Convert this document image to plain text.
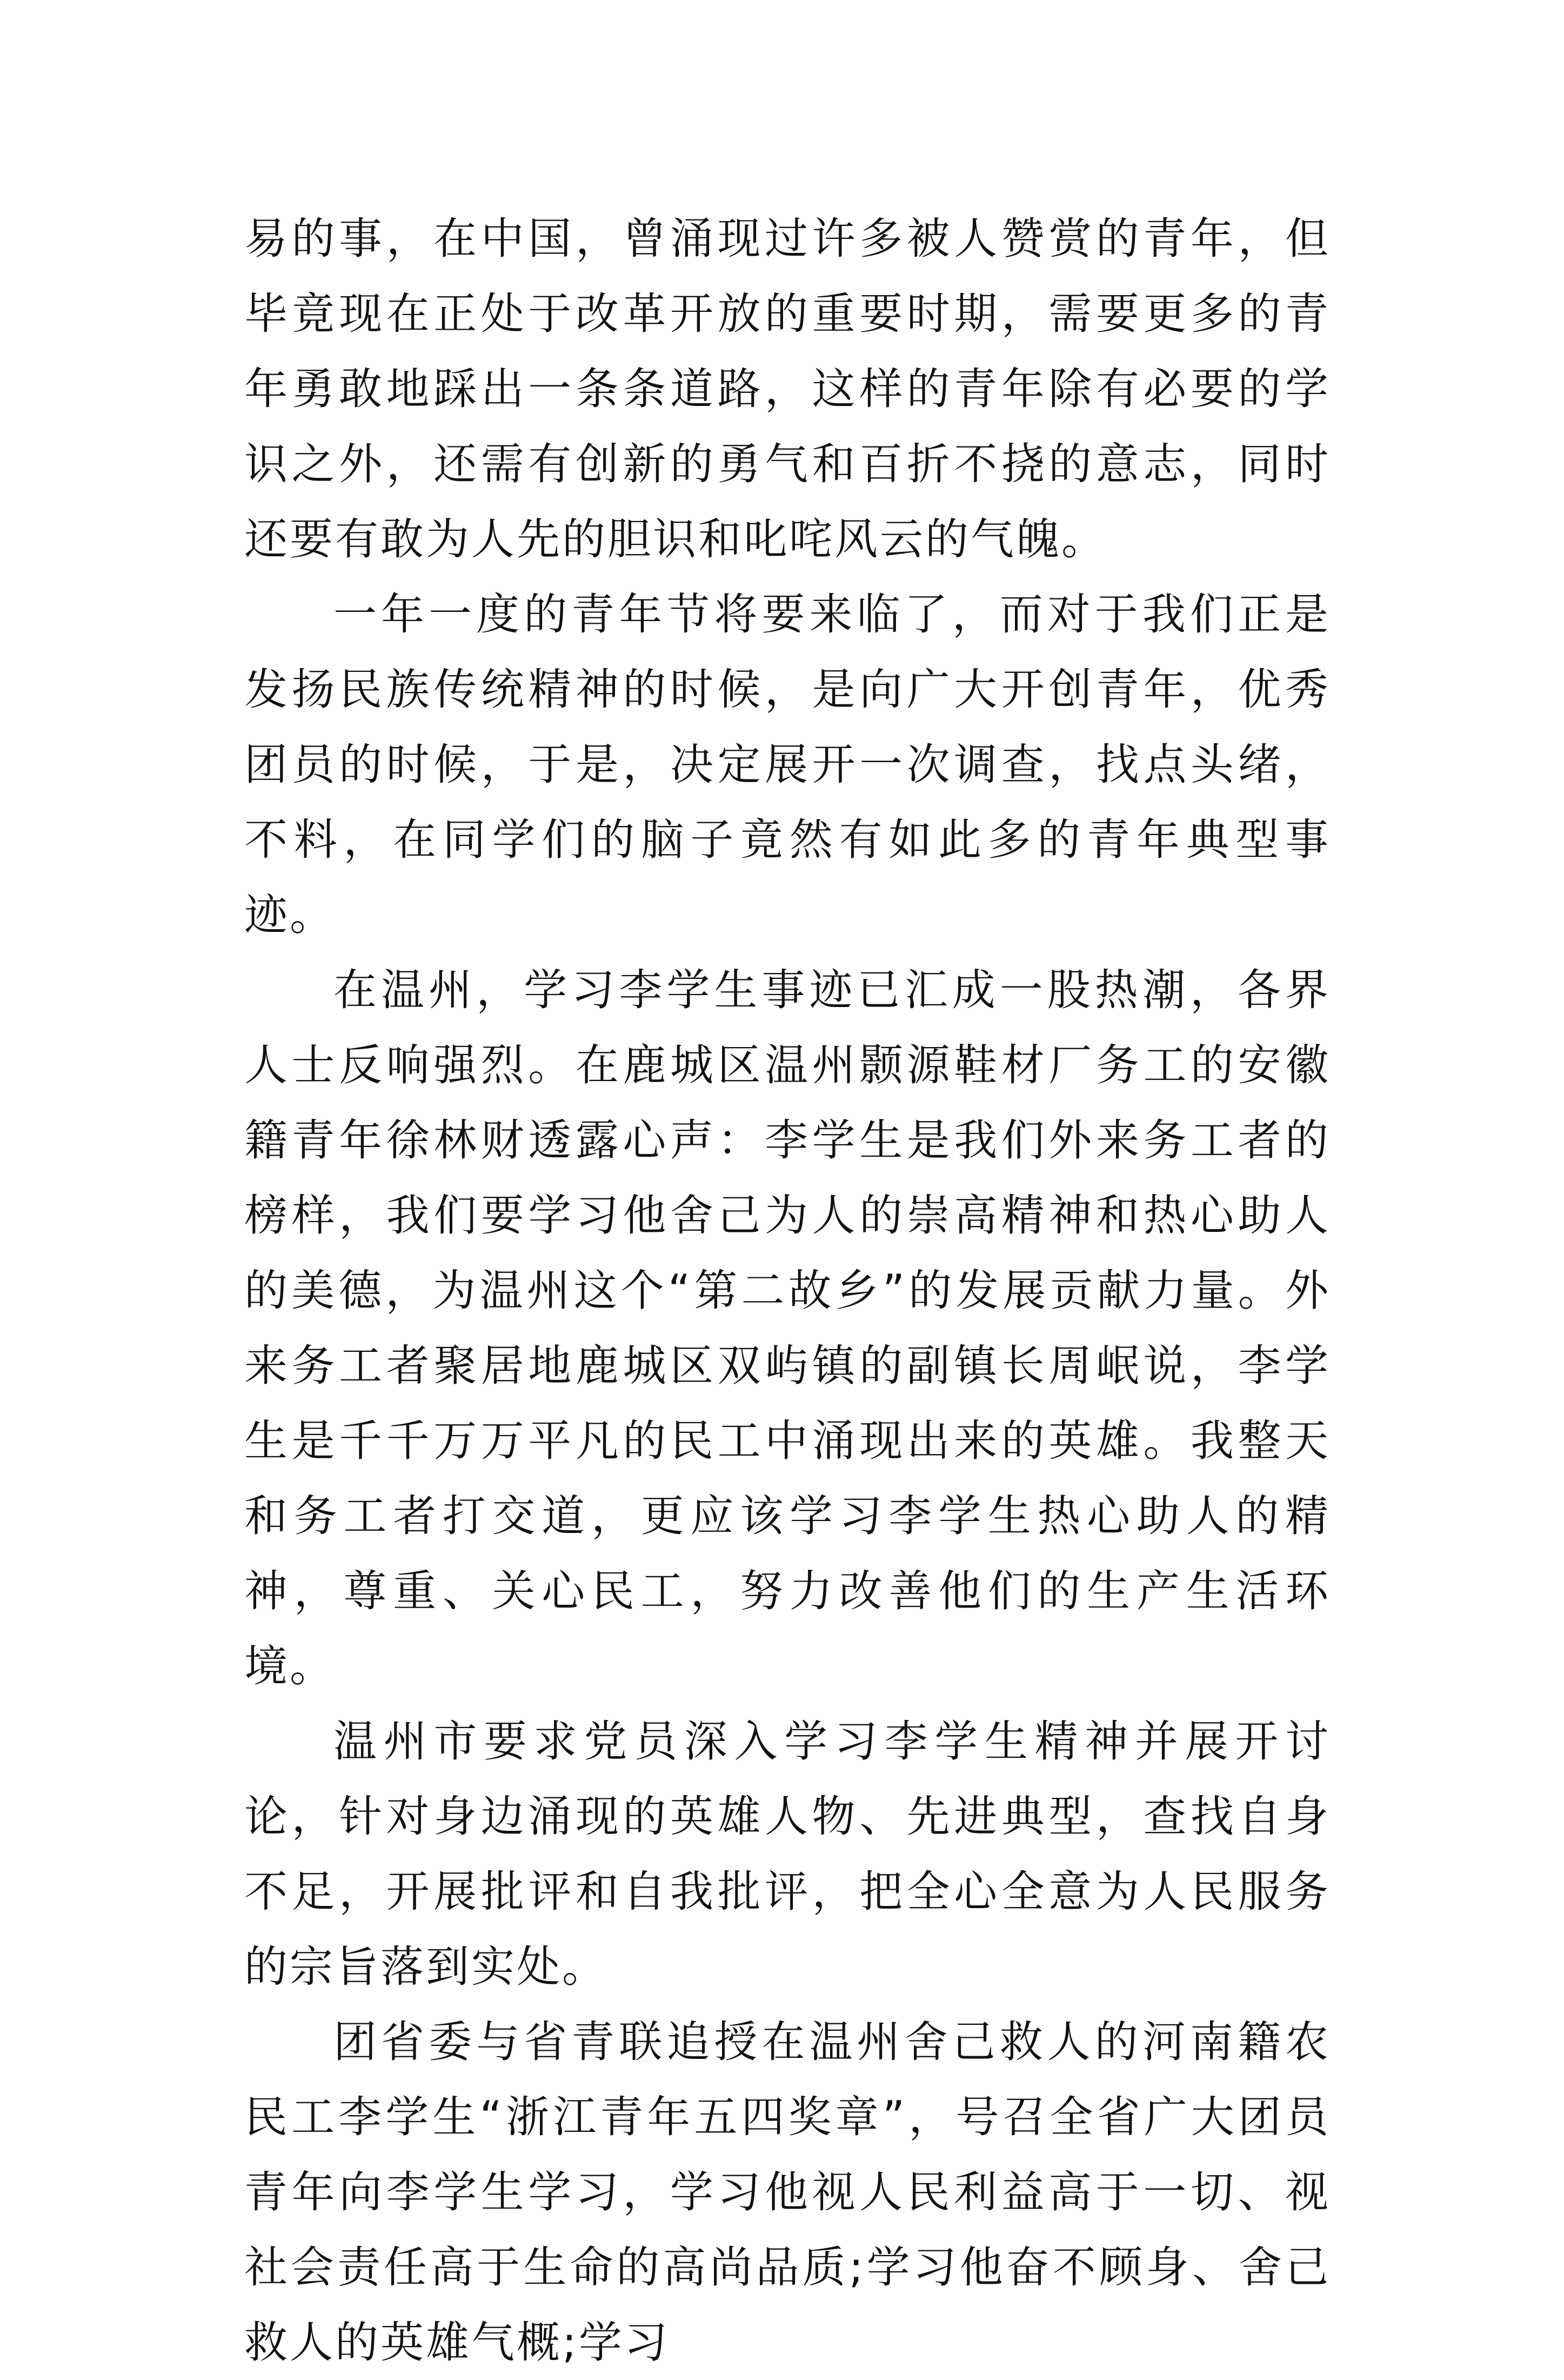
易的事，在中国，曾涌现过许多被人赞赏的青年，但毕竟现在正处于改革开放的重要时期，需要更多的青年勇敢地踩出一条条道路，这样的青年除有必要的学识之外，还需有创新的勇气和百折不挠的意志，同时还要有敢为人先的胆识和叱咤风云的气魄。

一年一度的青年节将要来临了，而对于我们正是发扬民族传统精神的时候，是向广大开创青年，优秀团员的时候，于是，决定展开一次调查，找点头绪，不料，在同学们的脑子竟然有如此多的青年典型事迹。

在温州，学习李学生事迹已汇成一股热潮，各界人士反响强烈。在鹿城区温州颢源鞋材厂务工的安徽籍青年徐林财透露心声：李学生是我们外来务工者的榜样，我们要学习他舍己为人的崇高精神和热心助人的美德，为温州这个“第二故乡”的发展贡献力量。外来务工者聚居地鹿城区双屿镇的副镇长周岷说，李学生是千千万万平凡的民工中涌现出来的英雄。我整天和务工者打交道，更应该学习李学生热心助人的精神，尊重、关心民工，努力改善他们的生产生活环境。

温州市要求党员深入学习李学生精神并展开讨论，针对身边涌现的英雄人物、先进典型，查找自身不足，开展批评和自我批评，把全心全意为人民服务的宗旨落到实处。

团省委与省青联追授在温州舍己救人的河南籍农民工李学生“浙江青年五四奖章”，号召全省广大团员青年向李学生学习，学习他视人民利益高于一切、视社会责任高于生命的高尚品质;学习他奋不顾身、舍己救人的英雄气概;学习
